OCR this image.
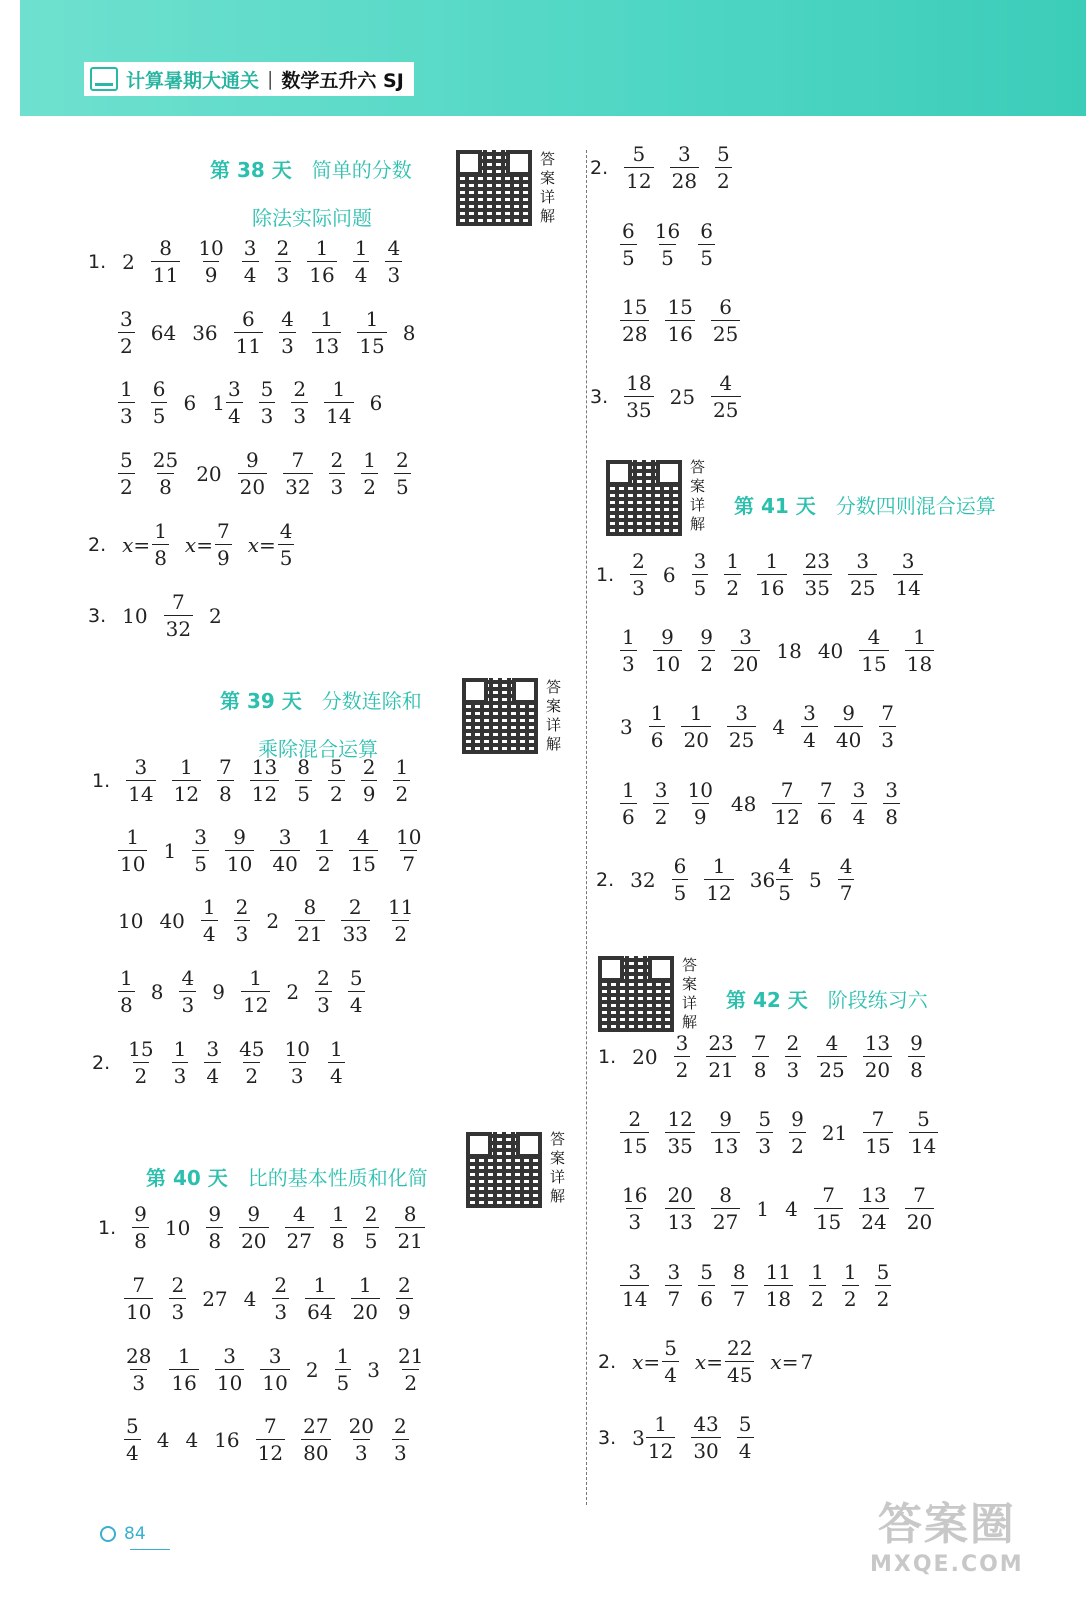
计算暑期大通关 | 数学五升六 SJ
第 38 天 简单的分数
除法实际问题
第 39 天 分数连除和
乘除混合运算
第 40 天 比的基本性质和化简
第 41 天 分数四则混合运算
第 42 天 阶段练习六
答案详解
答案详解
答案详解
答案详解
答案详解
1. $2 \frac{8}{11} \frac{10}{9} \frac{3}{4} \frac{2}{3} \frac{1}{16} \frac{1}{4} \frac{4}{3}$
$\frac{3}{2} 64$ $36 \frac{6}{11} \frac{4}{3} \frac{1}{13} \frac{1}{15} 8$
$\frac{1}{3} \frac{6}{5} 6$ $1 \frac{3}{4} \frac{5}{3} \frac{2}{3} \frac{1}{14} 6$
$\frac{5}{2} \frac{25}{8} 20 \frac{9}{20} \frac{7}{32} \frac{2}{3} \frac{1}{2} \frac{2}{5}$
2. $x= \frac{1}{8} x= \frac{7}{9} x= \frac{4}{5}$
3. $10 \frac{7}{32} 2$
1. $\frac{3}{14} \frac{1}{12} \frac{7}{8} \frac{13}{12} \frac{8}{5} \frac{5}{2} \frac{2}{9} \frac{1}{2}$
$\frac{1}{10} 1 \frac{3}{5} \frac{9}{10} \frac{3}{40} \frac{1}{2} \frac{4}{15} \frac{10}{7}$
10 $40 \frac{1}{4} \frac{2}{3} 2 \frac{8}{21} \frac{2}{33} \frac{11}{2}$
$\frac{1}{8} 8 \frac{4}{3} 9 \frac{1}{12} 2 \frac{2}{3} \frac{5}{4}$
2. $\frac{15}{2} \frac{1}{3} \frac{3}{4} \frac{45}{2} \frac{10}{3} \frac{1}{4}$
1. $\frac{9}{8} 10 \frac{9}{8} \frac{9}{20} \frac{4}{27} \frac{1}{8} \frac{2}{5} \frac{8}{21}$
$\frac{7}{10} \frac{2}{3} 27$ $4 \frac{2}{3} \frac{1}{64} \frac{1}{20} \frac{2}{9}$
$\frac{28}{3} \frac{1}{16} \frac{3}{10} \frac{3}{10} 2 \frac{1}{5} 3 \frac{21}{2}$
$\frac{5}{4} 4$ 4 $16 \frac{7}{12} \frac{27}{80} \frac{20}{3} \frac{2}{3}$
2. $\frac{5}{12} \frac{3}{28} \frac{5}{2}$
$\frac{6}{5} \frac{16}{5} \frac{6}{5}$
$\frac{15}{28} \frac{15}{16} \frac{6}{25}$
3. $\frac{18}{35} 25 \frac{4}{25}$
1. $\frac{2}{3} 6 \frac{3}{5} \frac{1}{2} \frac{1}{16} \frac{23}{35} \frac{3}{25} \frac{3}{14}$
$\frac{1}{3} \frac{9}{10} \frac{9}{2} \frac{3}{20} 18$ $40 \frac{4}{15} \frac{1}{18}$
$3 \frac{1}{6} \frac{1}{20} \frac{3}{25} 4 \frac{3}{4} \frac{9}{40} \frac{7}{3}$
$\frac{1}{6} \frac{3}{2} \frac{10}{9} 48 \frac{7}{12} \frac{7}{6} \frac{3}{4} \frac{3}{8}$
2. $32 \frac{6}{5} \frac{1}{12} 36 \frac{4}{5} 5 \frac{4}{7}$
1. $20 \frac{3}{2} \frac{23}{21} \frac{7}{8} \frac{2}{3} \frac{4}{25} \frac{13}{20} \frac{9}{8}$
$\frac{2}{15} \frac{12}{35} \frac{9}{13} \frac{5}{3} \frac{9}{2} 21 \frac{7}{15} \frac{5}{14}$
$\frac{16}{3} \frac{20}{13} \frac{8}{27} 1$ $4 \frac{7}{15} \frac{13}{24} \frac{7}{20}$
$\frac{3}{14} \frac{3}{7} \frac{5}{6} \frac{8}{7} \frac{11}{18} \frac{1}{2} \frac{1}{2} \frac{5}{2}$
2. $x= \frac{5}{4} x= \frac{22}{45} x= 7$
3. $3 \frac{1}{12} \frac{43}{30} \frac{5}{4}$
84	答案圈
MXQE.COM
